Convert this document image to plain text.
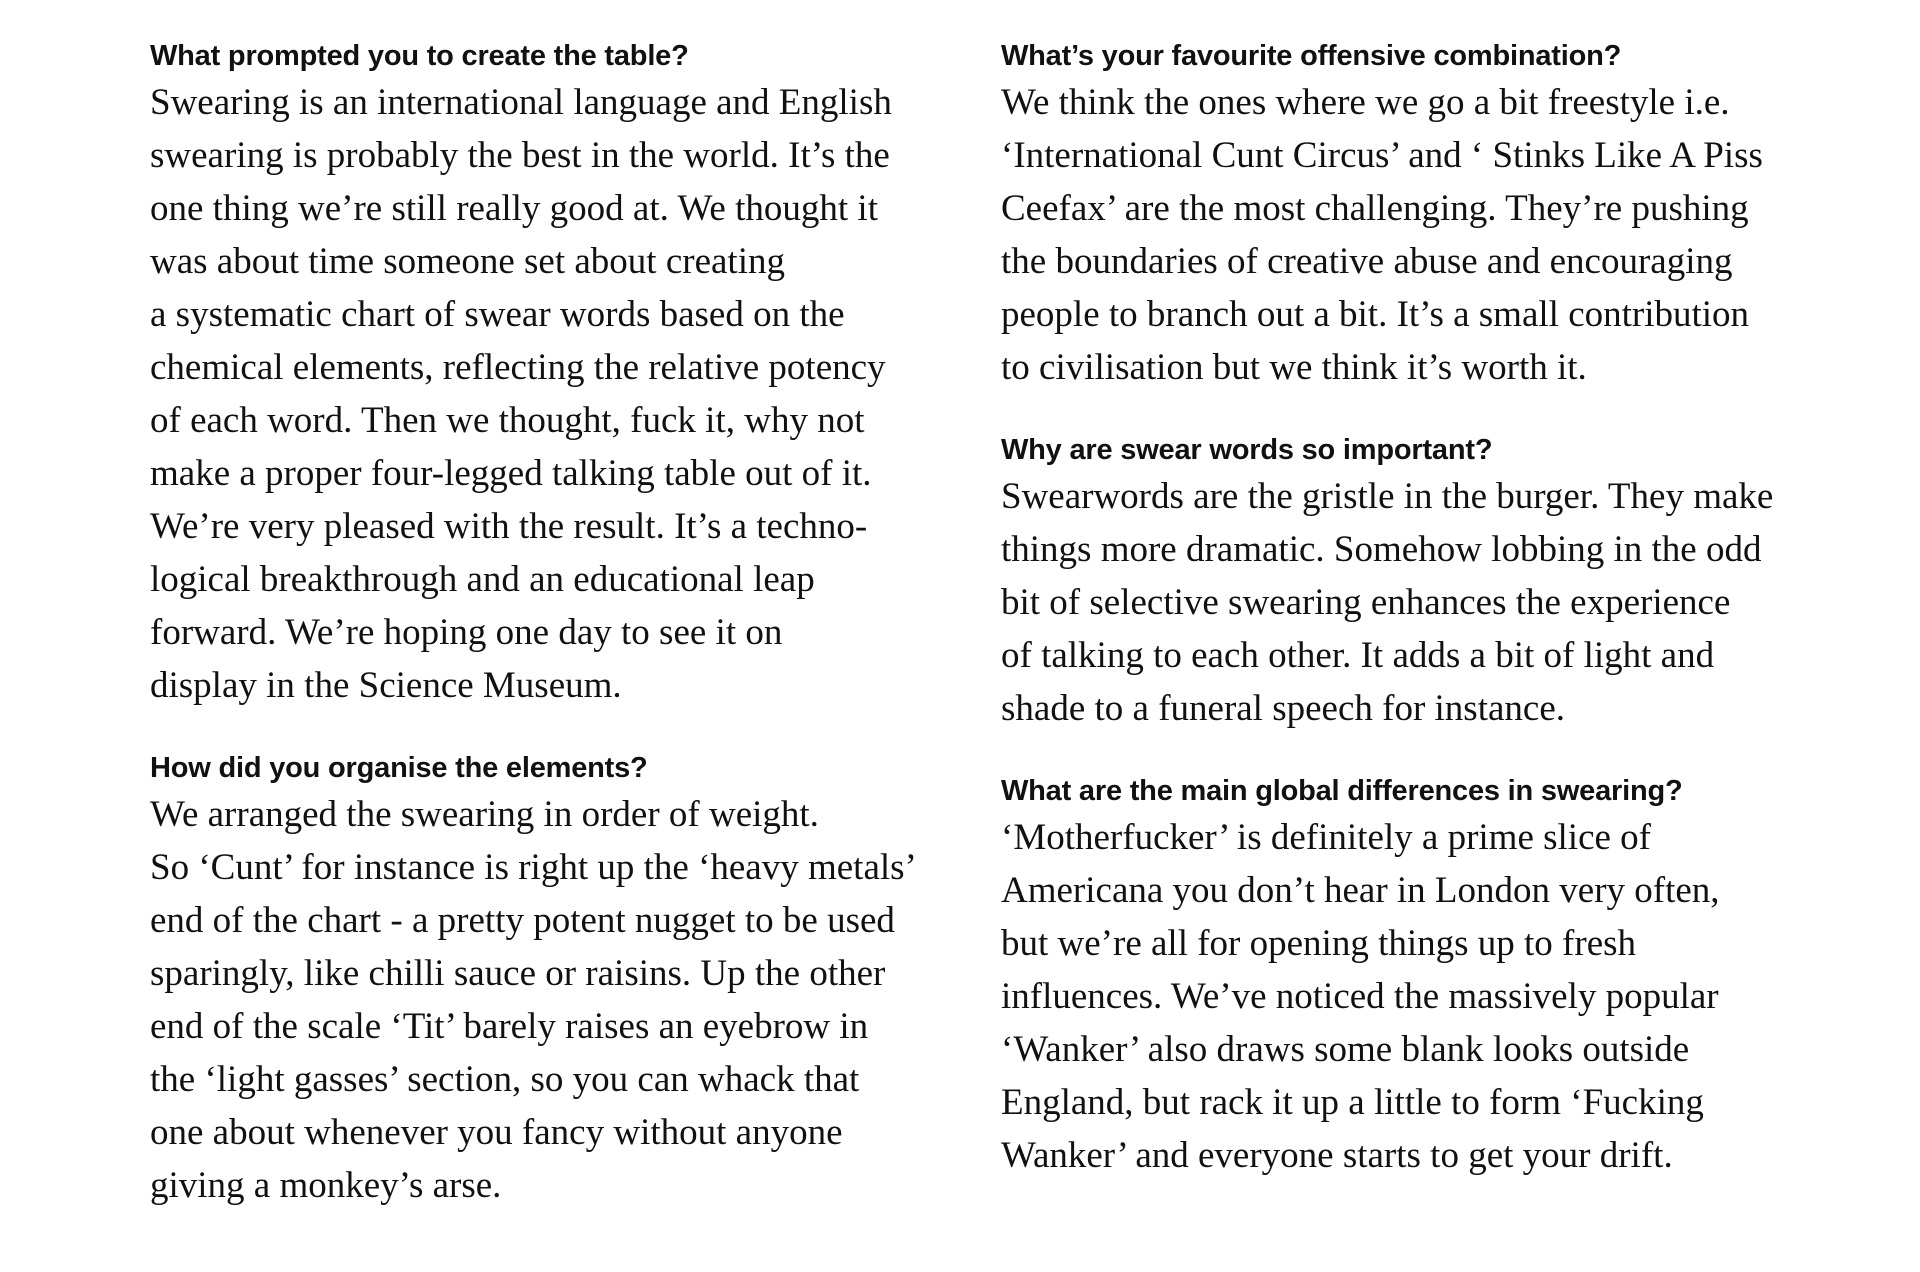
What prompted you to create the table?

Swearing is an international language and English
swearing is probably the best in the world. It’s the
one thing we’re still really good at. We thought it
was about time someone set about creating
a systematic chart of swear words based on the
chemical elements, reflecting the relative potency
of each word. Then we thought, fuck it, why not
make a proper four-legged talking table out of it.
We’re very pleased with the result. It’s a techno-
logical breakthrough and an educational leap
forward. We’re hoping one day to see it on
display in the Science Museum.

How did you organise the elements?

We arranged the swearing in order of weight.
So ‘Cunt’ for instance is right up the ‘heavy metals’
end of the chart - a pretty potent nugget to be used
sparingly, like chilli sauce or raisins. Up the other
end of the scale ‘Tit’ barely raises an eyebrow in
the ‘light gasses’ section, so you can whack that
one about whenever you fancy without anyone
giving a monkey’s arse.

What’s your favourite offensive combination?

We think the ones where we go a bit freestyle i.e.
‘International Cunt Circus’ and ‘ Stinks Like A Piss
Ceefax’ are the most challenging. They’re pushing
the boundaries of creative abuse and encouraging
people to branch out a bit. It’s a small contribution
to civilisation but we think it’s worth it.

Why are swear words so important?

Swearwords are the gristle in the burger. They make
things more dramatic. Somehow lobbing in the odd
bit of selective swearing enhances the experience
of talking to each other. It adds a bit of light and
shade to a funeral speech for instance.

What are the main global differences in swearing?

‘Motherfucker’ is definitely a prime slice of
Americana you don’t hear in London very often,
but we’re all for opening things up to fresh
influences. We’ve noticed the massively popular
‘Wanker’ also draws some blank looks outside
England, but rack it up a little to form ‘Fucking
Wanker’ and everyone starts to get your drift.
